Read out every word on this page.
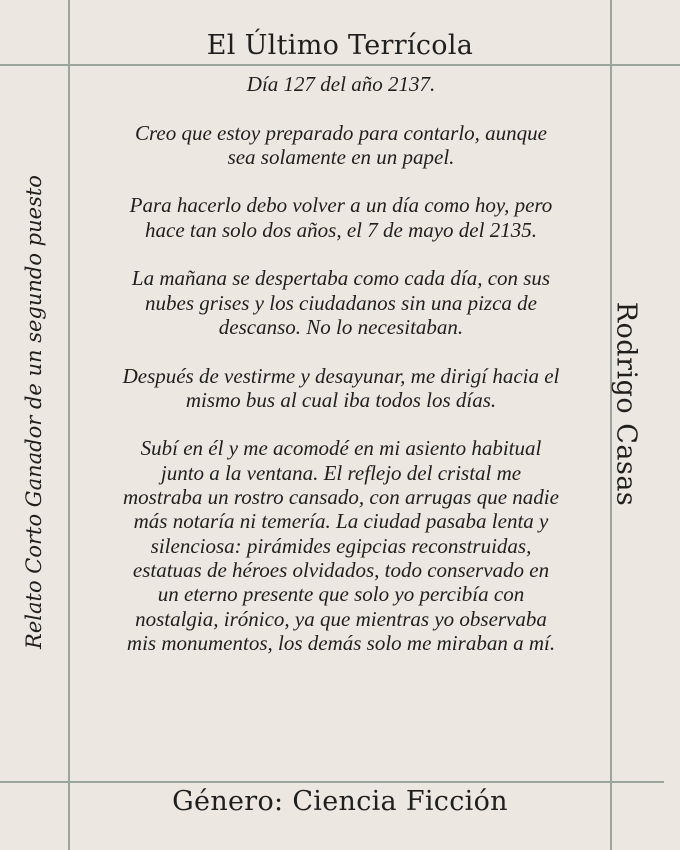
El Último Terrícola
Relato Corto Ganador de un segundo puesto	Rodrigo Casas

Día 127 del año 2137.

Creo que estoy preparado para contarlo, aunque sea solamente en un papel.

Para hacerlo debo volver a un día como hoy, pero hace tan solo dos años, el 7 de mayo del 2135.

La mañana se despertaba como cada día, con sus nubes grises y los ciudadanos sin una pizca de descanso. No lo necesitaban.

Después de vestirme y desayunar, me dirigí hacia el mismo bus al cual iba todos los días.

Subí en él y me acomodé en mi asiento habitual junto a la ventana. El reflejo del cristal me mostraba un rostro cansado, con arrugas que nadie más notaría ni temería. La ciudad pasaba lenta y silenciosa: pirámides egipcias reconstruidas, estatuas de héroes olvidados, todo conservado en un eterno presente que solo yo percibía con nostalgia, irónico, ya que mientras yo observaba mis monumentos, los demás solo me miraban a mí.

Género: Ciencia Ficción
